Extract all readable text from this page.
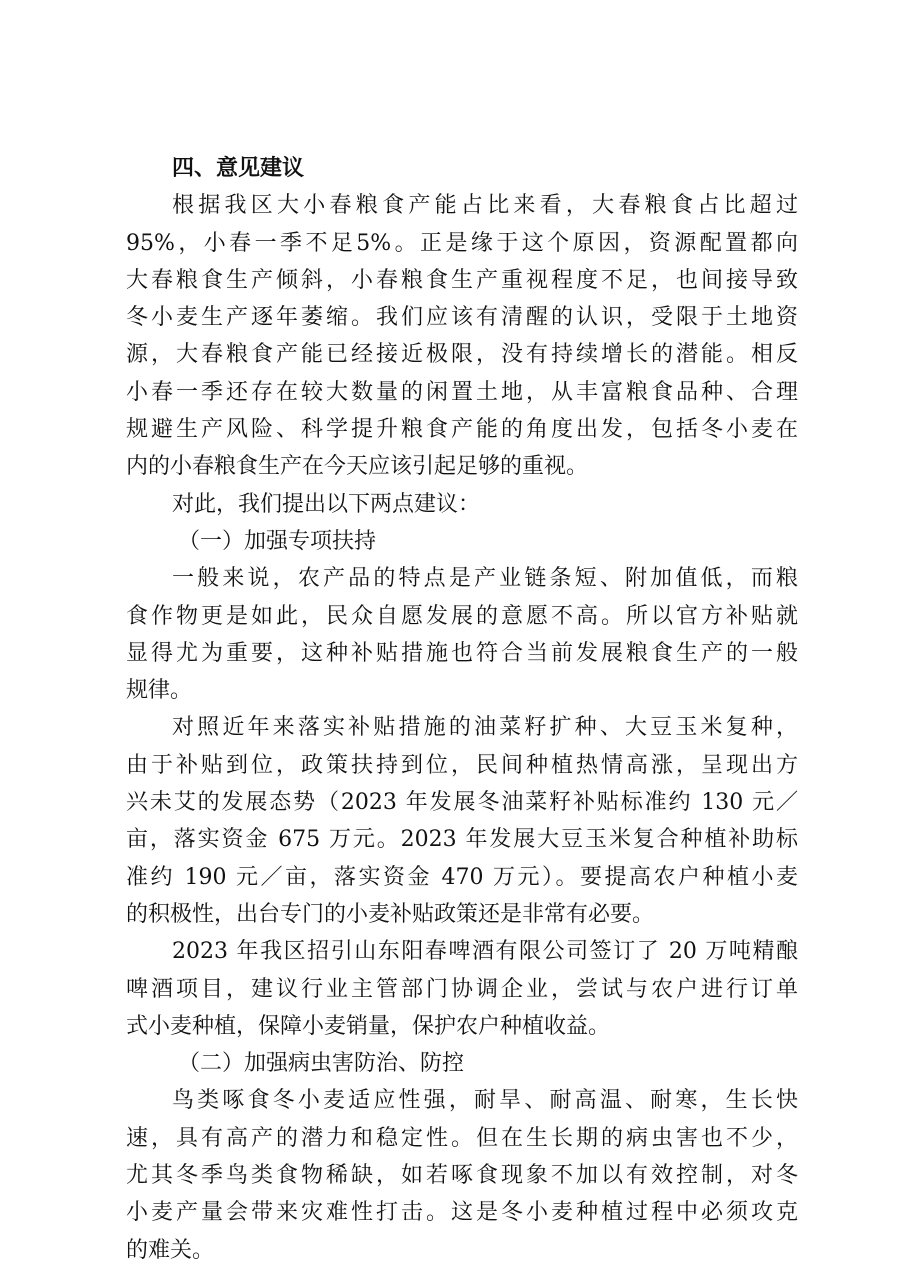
四、意见建议
根据我区大小春粮食产能占比来看，大春粮食占比超过
95%，小春一季不足5%。正是缘于这个原因，资源配置都向
大春粮食生产倾斜，小春粮食生产重视程度不足，也间接导致
冬小麦生产逐年萎缩。我们应该有清醒的认识，受限于土地资
源，大春粮食产能已经接近极限，没有持续增长的潜能。相反
小春一季还存在较大数量的闲置土地，从丰富粮食品种、合理
规避生产风险、科学提升粮食产能的角度出发，包括冬小麦在
内的小春粮食生产在今天应该引起足够的重视。
对此，我们提出以下两点建议：
（一）加强专项扶持
一般来说，农产品的特点是产业链条短、附加值低，而粮
食作物更是如此，民众自愿发展的意愿不高。所以官方补贴就
显得尤为重要，这种补贴措施也符合当前发展粮食生产的一般
规律。
对照近年来落实补贴措施的油菜籽扩种、大豆玉米复种，
由于补贴到位，政策扶持到位，民间种植热情高涨，呈现出方
兴未艾的发展态势（2023 年发展冬油菜籽补贴标准约 130 元／
亩，落实资金 675 万元。2023 年发展大豆玉米复合种植补助标
准约 190 元／亩，落实资金 470 万元）。要提高农户种植小麦
的积极性，出台专门的小麦补贴政策还是非常有必要。
2023 年我区招引山东阳春啤酒有限公司签订了 20 万吨精酿
啤酒项目，建议行业主管部门协调企业，尝试与农户进行订单
式小麦种植，保障小麦销量，保护农户种植收益。
（二）加强病虫害防治、防控
鸟类啄食冬小麦适应性强，耐旱、耐高温、耐寒，生长快
速，具有高产的潜力和稳定性。但在生长期的病虫害也不少，
尤其冬季鸟类食物稀缺，如若啄食现象不加以有效控制，对冬
小麦产量会带来灾难性打击。这是冬小麦种植过程中必须攻克
的难关。
